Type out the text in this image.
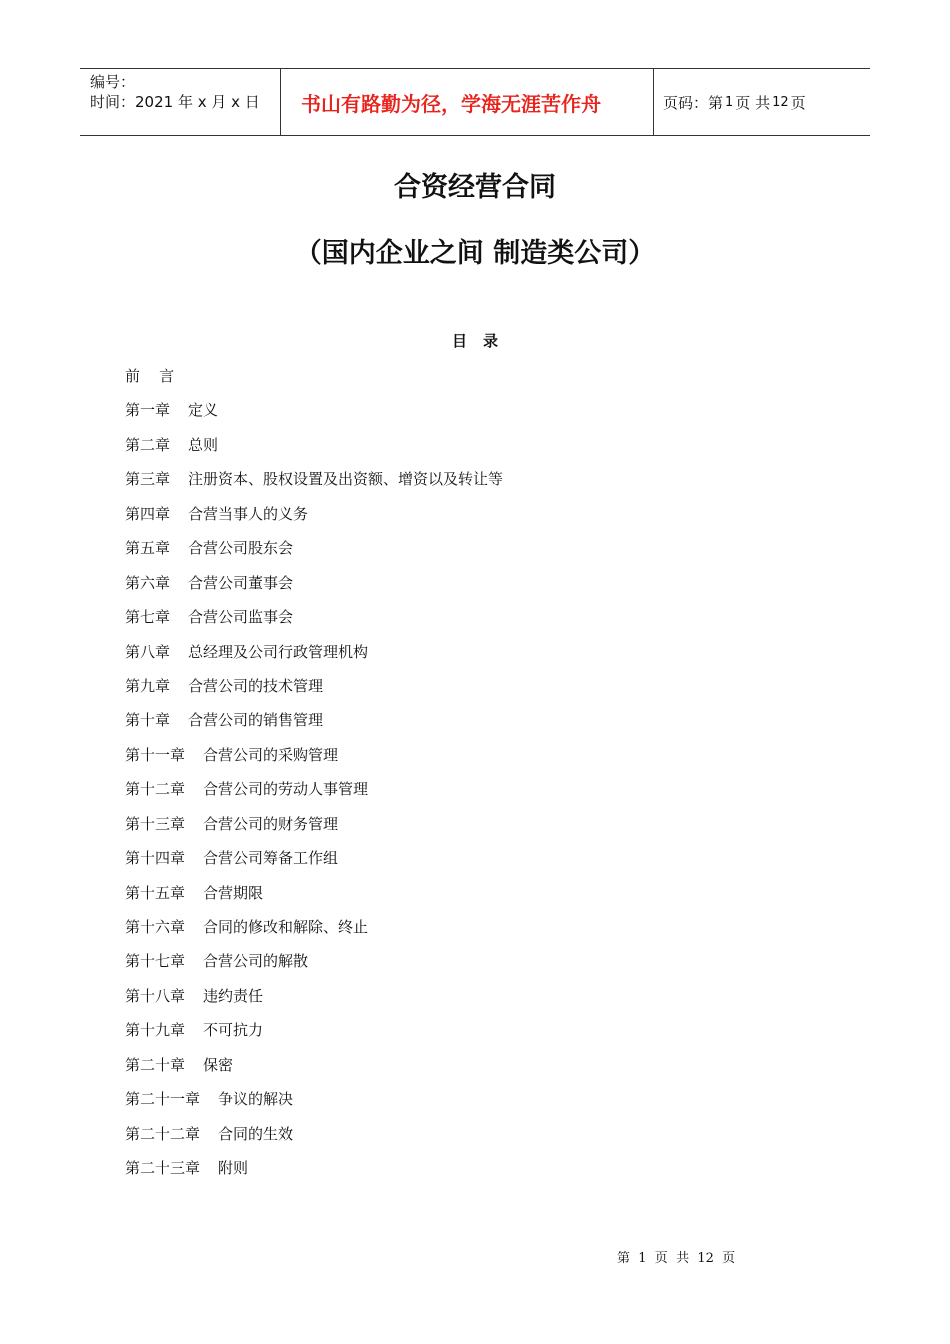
编号：
时间：2021 年 x 月 x 日	书山有路勤为径，学海无涯苦作舟	页码：第 1 页 共 12 页
合资经营合同
（国内企业之间 制造类公司）
目录
前    言
第一章 定义
第二章 总则
第三章 注册资本、股权设置及出资额、增资以及转让等
第四章 合营当事人的义务
第五章 合营公司股东会
第六章 合营公司董事会
第七章 合营公司监事会
第八章 总经理及公司行政管理机构
第九章 合营公司的技术管理
第十章 合营公司的销售管理
第十一章 合营公司的采购管理
第十二章 合营公司的劳动人事管理
第十三章 合营公司的财务管理
第十四章 合营公司筹备工作组
第十五章 合营期限
第十六章 合同的修改和解除、终止
第十七章 合营公司的解散
第十八章 违约责任
第十九章 不可抗力
第二十章 保密
第二十一章 争议的解决
第二十二章 合同的生效
第二十三章 附则
第  1  页  共  12  页
